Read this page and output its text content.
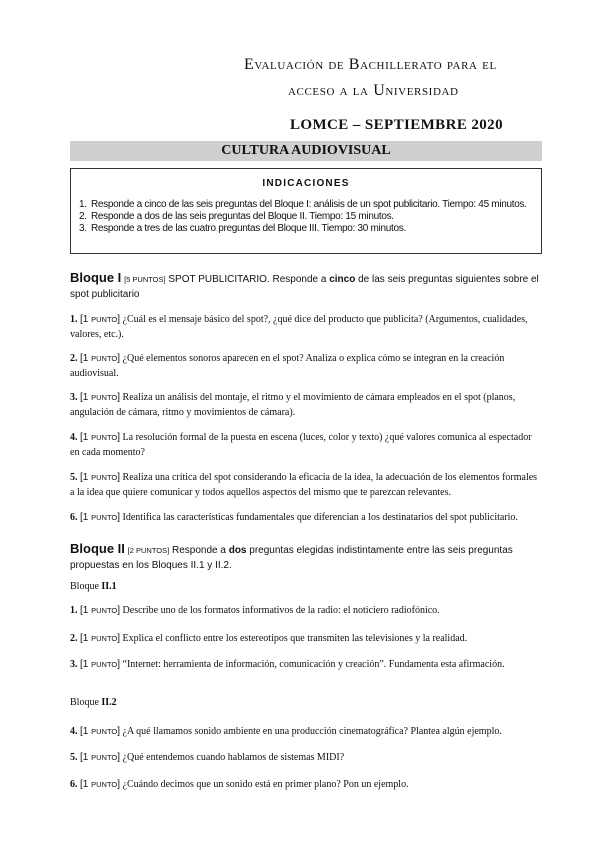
Evaluación de Bachillerato para el
acceso a la Universidad
LOMCE – SEPTIEMBRE 2020
CULTURA AUDIOVISUAL
INDICACIONES
1. Responde a cinco de las seis preguntas del Bloque I: análisis de un spot publicitario. Tiempo: 45 minutos.
2. Responde a dos de las seis preguntas del Bloque II. Tiempo: 15 minutos.
3. Responde a tres de las cuatro preguntas del Bloque III. Tiempo: 30 minutos.
Bloque I [5 PUNTOS] SPOT PUBLICITARIO. Responde a cinco de las seis preguntas siguientes sobre el spot publicitario
1. [1 PUNTO] ¿Cuál es el mensaje básico del spot?, ¿qué dice del producto que publicita? (Argumentos, cualidades, valores, etc.).
2. [1 PUNTO] ¿Qué elementos sonoros aparecen en el spot? Analiza o explica cómo se integran en la creación audiovisual.
3. [1 PUNTO] Realiza un análisis del montaje, el ritmo y el movimiento de cámara empleados en el spot (planos, angulación de cámara, ritmo y movimientos de cámara).
4. [1 PUNTO] La resolución formal de la puesta en escena (luces, color y texto) ¿qué valores comunica al espectador en cada momento?
5. [1 PUNTO] Realiza una crítica del spot considerando la eficacia de la idea, la adecuación de los elementos formales a la idea que quiere comunicar y todos aquellos aspectos del mismo que te parezcan relevantes.
6. [1 PUNTO] Identifica las características fundamentales que diferencian a los destinatarios del spot publicitario.
Bloque II [2 PUNTOS] Responde a dos preguntas elegidas indistintamente entre las seis preguntas propuestas en los Bloques II.1 y II.2.
Bloque II.1
1. [1 PUNTO] Describe uno de los formatos informativos de la radio: el noticiero radiofónico.
2. [1 PUNTO] Explica el conflicto entre los estereotipos que transmiten las televisiones y la realidad.
3. [1 PUNTO] “Internet: herramienta de información, comunicación y creación”. Fundamenta esta afirmación.
Bloque II.2
4. [1 PUNTO] ¿A qué llamamos sonido ambiente en una producción cinematográfica? Plantea algún ejemplo.
5. [1 PUNTO] ¿Qué entendemos cuando hablamos de sistemas MIDI?
6. [1 PUNTO] ¿Cuándo decimos que un sonido está en primer plano? Pon un ejemplo.
